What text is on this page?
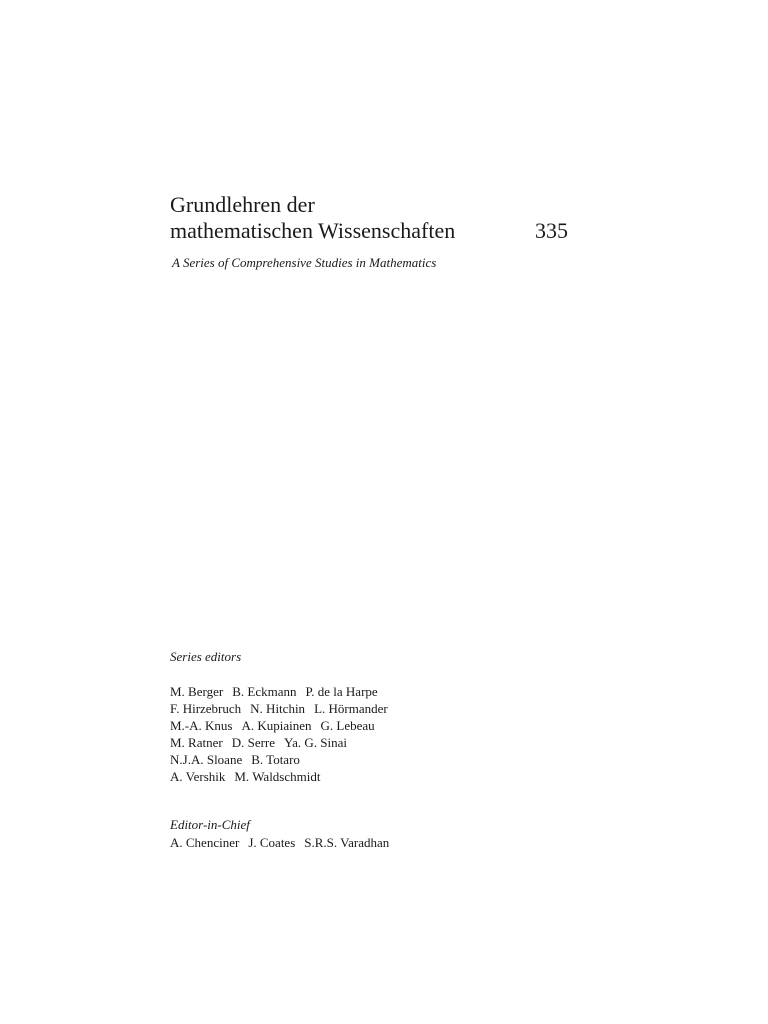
Grundlehren der
mathematischen Wissenschaften	335
A Series of Comprehensive Studies in Mathematics
Series editors
M. Berger B. Eckmann P. de la Harpe
F. Hirzebruch N. Hitchin L. Hörmander
M.-A. Knus A. Kupiainen G. Lebeau
M. Ratner D. Serre Ya. G. Sinai
N.J.A. Sloane B. Totaro
A. Vershik M. Waldschmidt
Editor-in-Chief
A. Chenciner J. Coates S.R.S. Varadhan
